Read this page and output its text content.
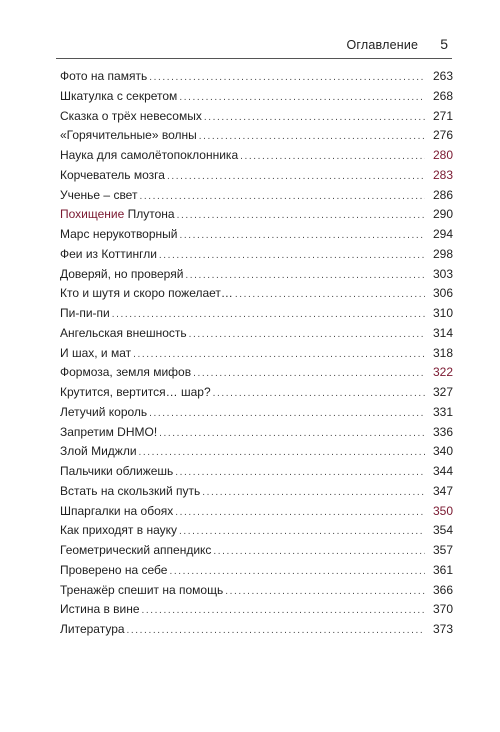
Оглавление 5
Фото на память .....	263
Шкатулка с секретом .....	268
Сказка о трёх невесомых .....	271
«Горячительные» волны .....	276
Наука для самолётопоклонника .....	280
Корчеватель мозга .....	283
Ученье – свет .....	286
Похищение Плутона .....	290
Марс нерукотворный .....	294
Феи из Коттингли .....	298
Доверяй, но проверяй .....	303
Кто и шутя и скоро пожелает… .....	306
Пи-пи-пи .....	310
Ангельская внешность .....	314
И шах, и мат .....	318
Формоза, земля мифов .....	322
Крутится, вертится… шар? .....	327
Летучий король .....	331
Запретим DHMO! .....	336
Злой Миджли .....	340
Пальчики оближешь .....	344
Встать на скользкий путь .....	347
Шпаргалки на обоях .....	350
Как приходят в науку .....	354
Геометрический аппендикс .....	357
Проверено на себе .....	361
Тренажёр спешит на помощь .....	366
Истина в вине .....	370
Литература .....	373
